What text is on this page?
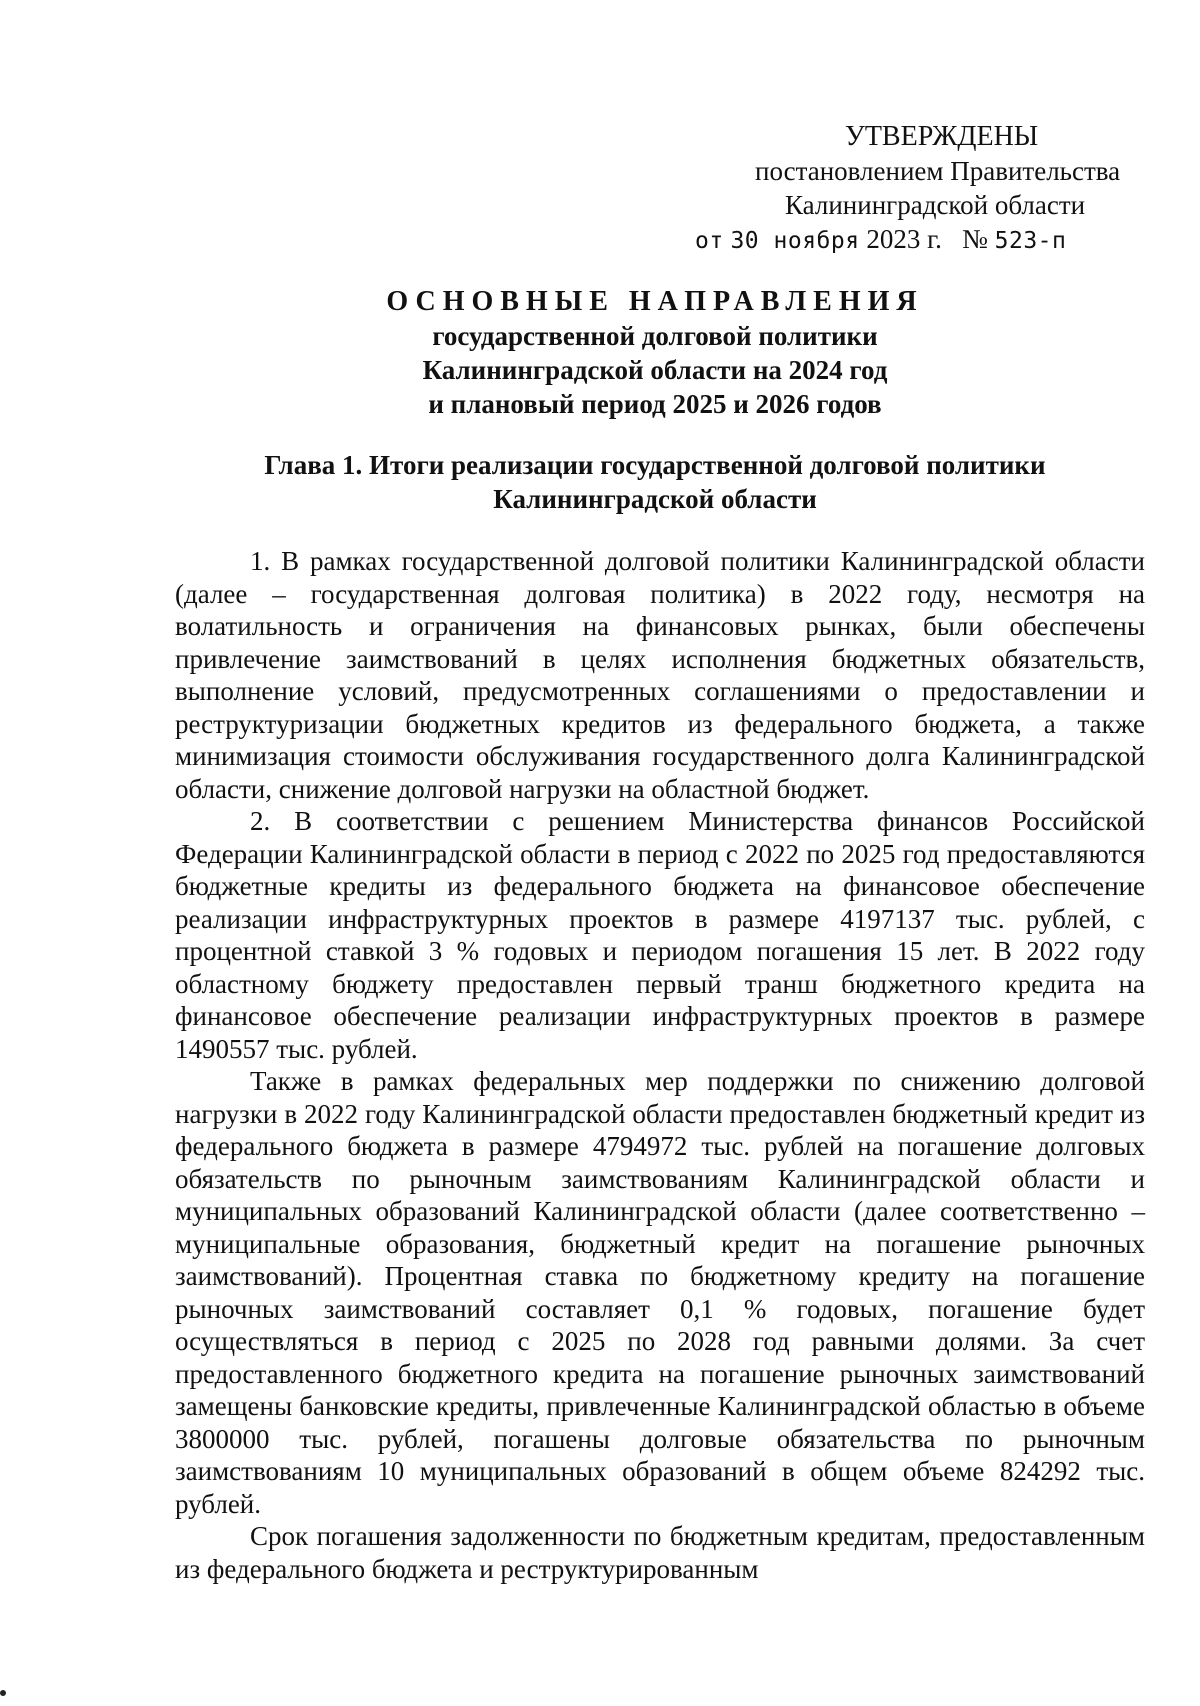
УТВЕРЖДЕНЫ
постановлением Правительства
Калининградской области
от 30 ноября 2023 г. № 523-п
ОСНОВНЫЕ НАПРАВЛЕНИЯ
государственной долговой политики
Калининградской области на 2024 год
и плановый период 2025 и 2026 годов
Глава 1. Итоги реализации государственной долговой политики
Калининградской области

1. В рамках государственной долговой политики Калининградской области (далее – государственная долговая политика) в 2022 году, несмотря на волатильность и ограничения на финансовых рынках, были обеспечены привлечение заимствований в целях исполнения бюджетных обязательств, выполнение условий, предусмотренных соглашениями о предоставлении и реструктуризации бюджетных кредитов из федерального бюджета, а также минимизация стоимости обслуживания государственного долга Калининградской области, снижение долговой нагрузки на областной бюджет.

2. В соответствии с решением Министерства финансов Российской Федерации Калининградской области в период с 2022 по 2025 год предоставляются бюджетные кредиты из федерального бюджета на финансовое обеспечение реализации инфраструктурных проектов в размере 4197137 тыс. рублей, с процентной ставкой 3 % годовых и периодом погашения 15 лет. В 2022 году областному бюджету предоставлен первый транш бюджетного кредита на финансовое обеспечение реализации инфраструктурных проектов в размере 1490557 тыс. рублей.

Также в рамках федеральных мер поддержки по снижению долговой нагрузки в 2022 году Калининградской области предоставлен бюджетный кредит из федерального бюджета в размере 4794972 тыс. рублей на погашение долговых обязательств по рыночным заимствованиям Калининградской области и муниципальных образований Калининградской области (далее соответственно – муниципальные образования, бюджетный кредит на погашение рыночных заимствований). Процентная ставка по бюджетному кредиту на погашение рыночных заимствований составляет 0,1 % годовых, погашение будет осуществляться в период с 2025 по 2028 год равными долями. За счет предоставленного бюджетного кредита на погашение рыночных заимствований замещены банковские кредиты, привлеченные Калининградской областью в объеме 3800000 тыс. рублей, погашены долговые обязательства по рыночным заимствованиям 10 муниципальных образований в общем объеме 824292 тыс. рублей.

Срок погашения задолженности по бюджетным кредитам, предоставленным из федерального бюджета и реструктурированным
